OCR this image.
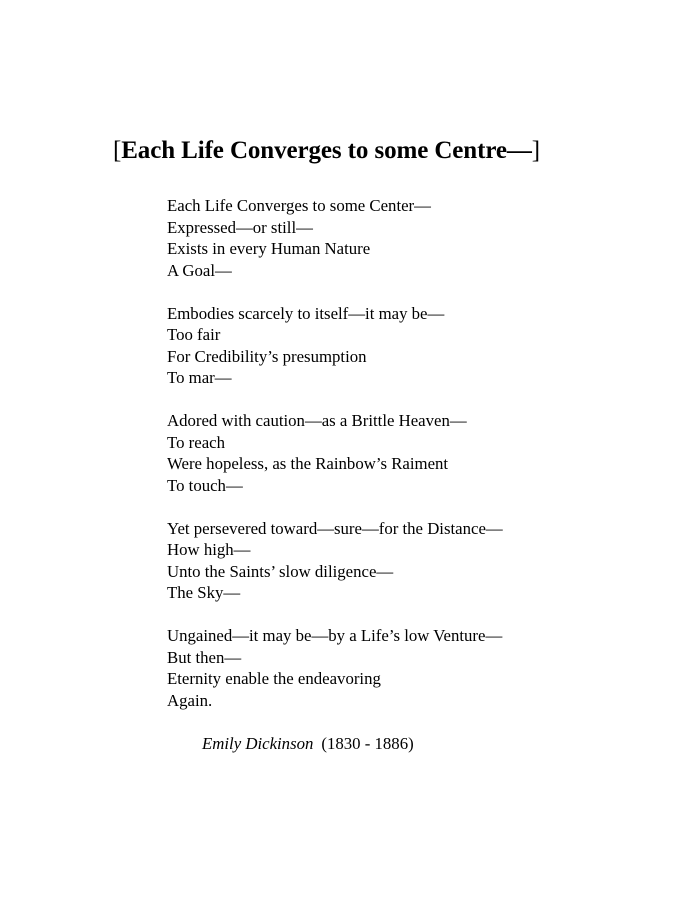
[Each Life Converges to some Centre—]
Each Life Converges to some Center—
Expressed—or still—
Exists in every Human Nature
A Goal—
Embodies scarcely to itself—it may be—
Too fair
For Credibility’s presumption
To mar—
Adored with caution—as a Brittle Heaven—
To reach
Were hopeless, as the Rainbow’s Raiment
To touch—
Yet persevered toward—sure—for the Distance—
How high—
Unto the Saints’ slow diligence—
The Sky—
Ungained—it may be—by a Life’s low Venture—
But then—
Eternity enable the endeavoring
Again.
Emily Dickinson (1830 - 1886)
